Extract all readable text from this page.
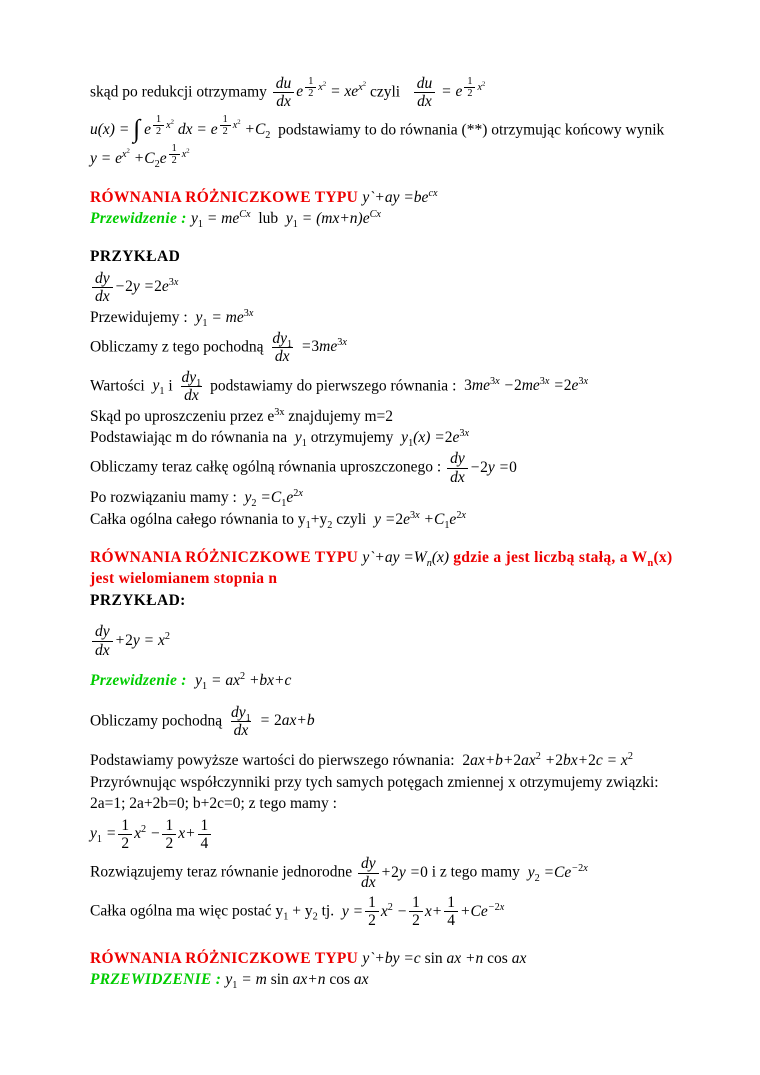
skąd po redukcji otrzymamy $\frac{du}{dx}$ e $^{\frac{1}{2} x^2} = xe^{x^2}$ czyli $\frac{du}{dx} = e$ $^{\frac{1}{2} x^2}$
u(x) = ∫ e $^{\frac{1}{2} x^2}$ dx = e $^{\frac{1}{2} x^2} +C_2$  podstawiamy to do równania (**) otrzymując końcowy wynik
$y = e^{x^2} +C_2e$ $^{\frac{1}{2} x^2}$
RÓWNANIA RÓŻNICZKOWE TYPU y`+ay $=be^{cx}$
Przewidzenie : $y_1 = me^{Cx}$  lub  $y_1 = (mx+n)e^{Cx}$
PRZYKŁAD
$\frac{dy}{dx} -2y =2e^{3x}$
Przewidujemy :  $y_1 = me^{3x}$
Obliczamy z tego pochodną $\frac{dy_1}{dx} =3me^{3x}$
Wartości  $y_1$ i $\frac{dy_1}{dx}$ podstawiamy do pierwszego równania :  $3me^{3x} -2me^{3x} =2e^{3x}$
Skąd po uproszczeniu przez $e^{3x}$ znajdujemy m=2
Podstawiając m do równania na  $y_1$ otrzymujemy  $y_1(x) =2e^{3x}$
Obliczamy teraz całkę ogólną równania uproszczonego : $\frac{dy}{dx} -2y =0$
Po rozwiązaniu mamy :  $y_2 =C_1e^{2x}$
Całka ogólna całego równania to $y_1+y_2$ czyli  $y =2e^{3x} +C_1e^{2x}$
RÓWNANIA RÓŻNICZKOWE TYPU y`+ay $=W_n(x)$ gdzie a jest liczbą stałą, a $W_n(x)$
jest wielomianem stopnia n
PRZYKŁAD:
$\frac{dy}{dx} +2y = x^2$
Przewidzenie :  $y_1 = ax^2 +bx+c$
Obliczamy pochodną $\frac{dy_1}{dx} = 2ax+b$
Podstawiamy powyższe wartości do pierwszego równania:  $2ax+b+2ax^2 +2bx+2c = x^2$
Przyrównując współczynniki przy tych samych potęgach zmiennej x otrzymujemy związki:
2a=1; 2a+2b=0; b+2c=0; z tego mamy :
$y_1 = \frac{1}{2} x^2 - \frac{1}{2} x+ \frac{1}{4}$
Rozwiązujemy teraz równanie jednorodne $\frac{dy}{dx} +2y =0$ i z tego mamy  $y_2 =Ce^{-2x}$
Całka ogólna ma więc postać $y_1 + y_2$ tj.  $y = \frac{1}{2} x^2 - \frac{1}{2} x+ \frac{1}{4} +Ce^{-2x}$
RÓWNANIA RÓŻNICZKOWE TYPU y`+by =c sin ax +n cos ax
PRZEWIDZENIE : $y_1 = m$ sin ax+n cos ax
